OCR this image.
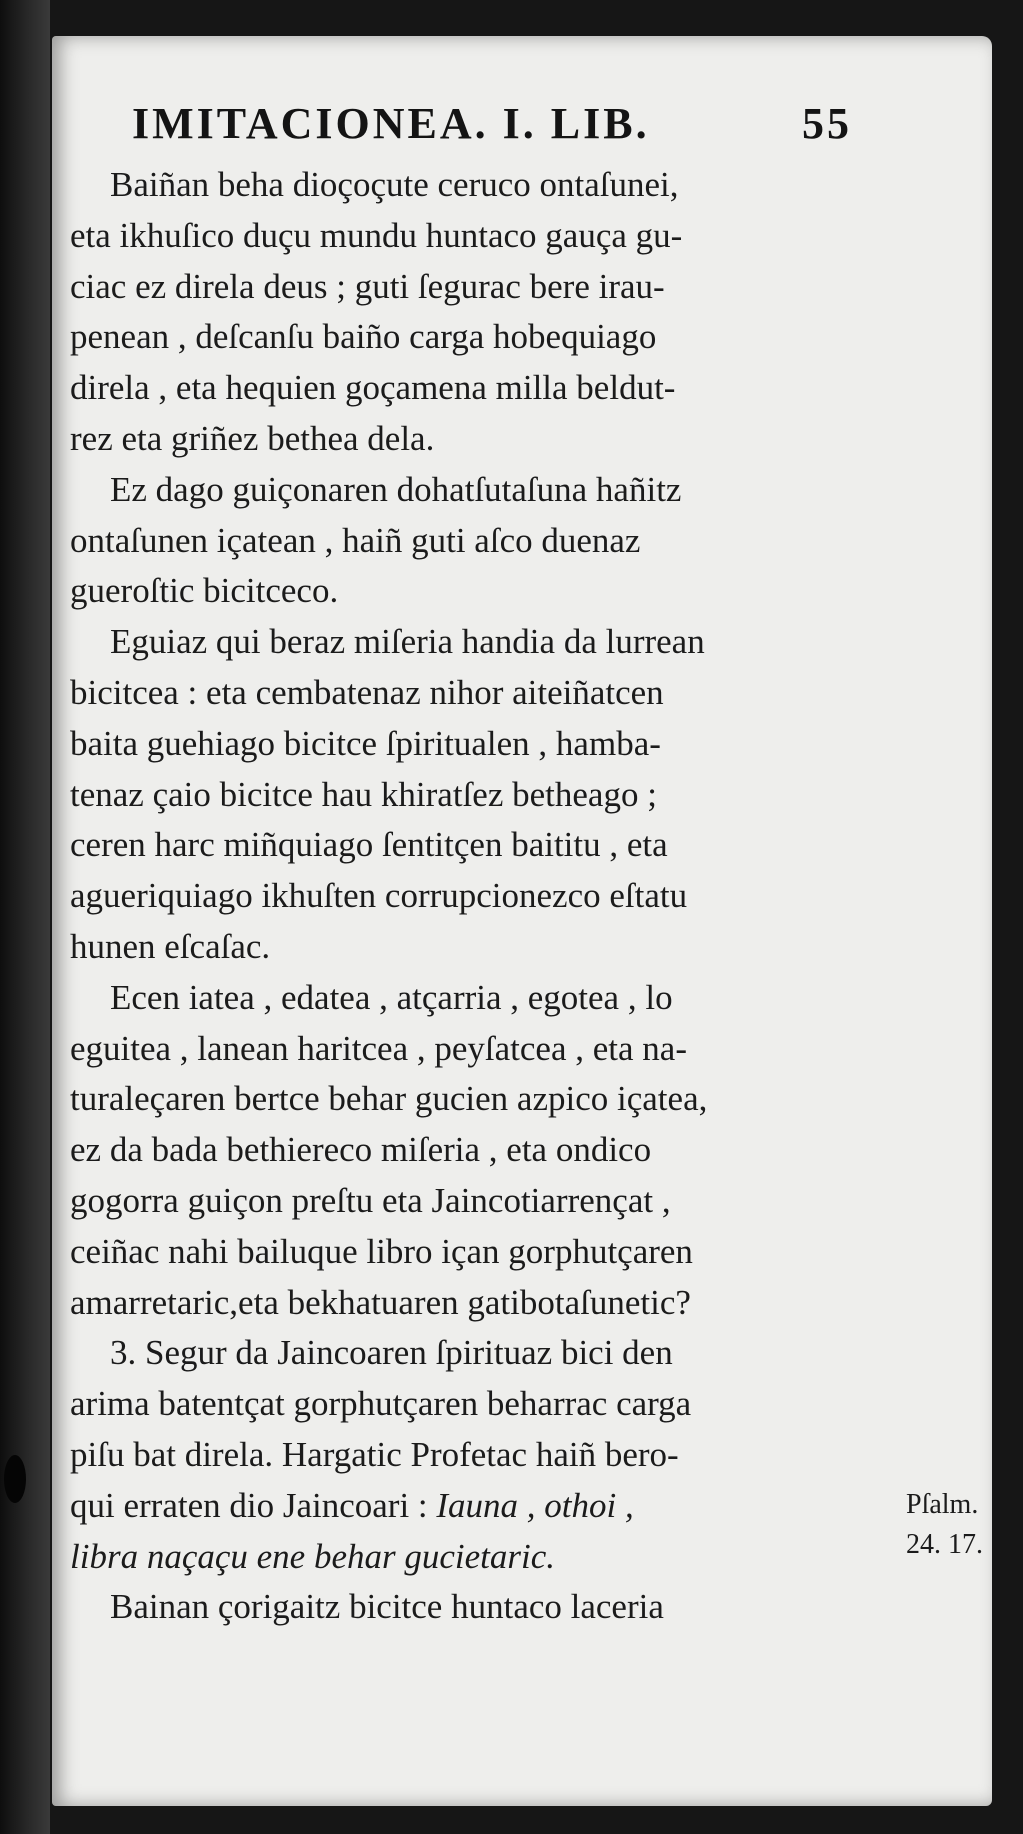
IMITACIONEA. I. LIB.	55
Baiñan beha dioçoçute ceruco ontaſunei,
eta ikhuſico duçu mundu huntaco gauça gu-
ciac ez direla deus ; guti ſegurac bere irau-
penean , deſcanſu baiño carga hobequiago
direla , eta hequien goçamena milla beldut-
rez eta griñez bethea dela.
Ez dago guiçonaren dohatſutaſuna hañitz
ontaſunen içatean , haiñ guti aſco duenaz
gueroſtic bicitceco.
Eguiaz qui beraz miſeria handia da lurrean
bicitcea : eta cembatenaz nihor aiteiñatcen
baita guehiago bicitce ſpiritualen , hamba-
tenaz çaio bicitce hau khiratſez betheago ;
ceren harc miñquiago ſentitçen baititu , eta
agueriquiago ikhuſten corrupcionezco eſtatu
hunen eſcaſac.
Ecen iatea , edatea , atçarria , egotea , lo
eguitea , lanean haritcea , peyſatcea , eta na-
turaleçaren bertce behar gucien azpico içatea,
ez da bada bethiereco miſeria , eta ondico
gogorra guiçon preſtu eta Jaincotiarrençat ,
ceiñac nahi bailuque libro içan gorphutçaren
amarretaric,eta bekhatuaren gatibotaſunetic?
3. Segur da Jaincoaren ſpirituaz bici den
arima batentçat gorphutçaren beharrac carga
piſu bat direla. Hargatic Profetac haiñ bero-
qui erraten dio Jaincoari : Iauna , othoi ,
libra naçaçu ene behar gucietaric.
Bainan çorigaitz bicitce huntaco laceria
Pſalm.
24. 17.
